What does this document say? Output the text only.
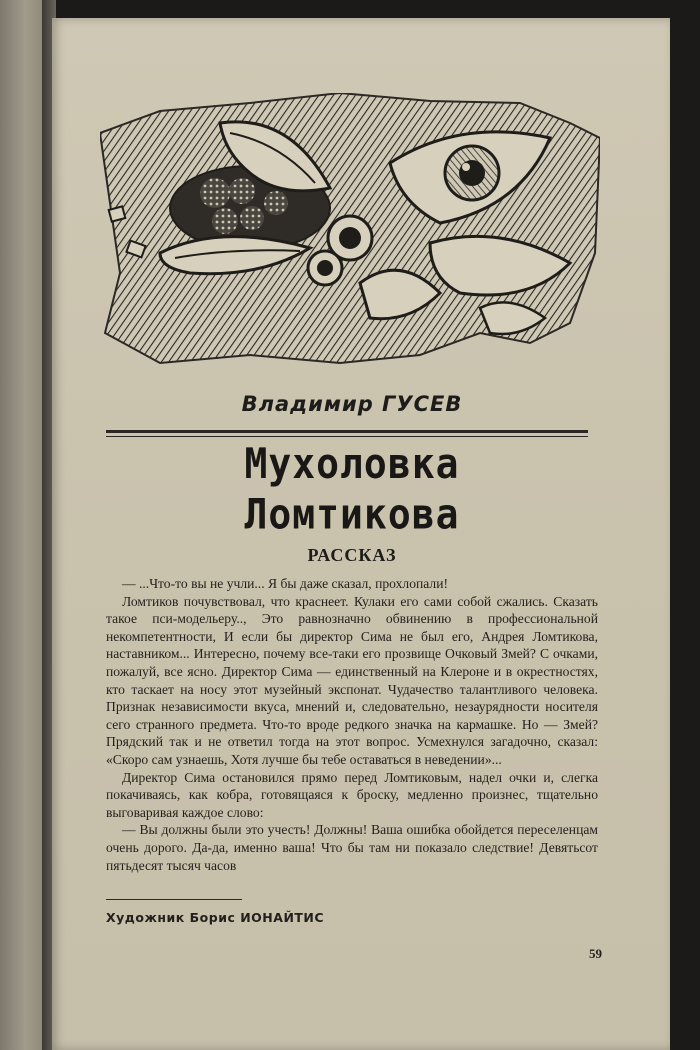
Владимир ГУСЕВ
Мухоловка
Ломтикова
РАССКАЗ

— ...Что-то вы не учли... Я бы даже сказал, прохлопали!

Ломтиков почувствовал, что краснеет. Кулаки его сами собой сжались. Сказать такое пси-модельеру.., Это равнозначно обвинению в профессиональной некомпетентности, И если бы директор Сима не был его, Андрея Ломтикова, наставником... Интересно, почему все-таки его прозвище Очковый Змей? С очками, пожалуй, все ясно. Директор Сима — единственный на Клероне и в окрестностях, кто таскает на носу этот музейный экспонат. Чудачество талантливого человека. Признак независимости вкуса, мнений и, следовательно, незаурядности носителя сего странного предмета. Что-то вроде редкого значка на кармашке. Но — Змей? Прядский так и не ответил тогда на этот вопрос. Усмехнулся загадочно, сказал: «Скоро сам узнаешь, Хотя лучше бы тебе оставаться в неведении»...

Директор Сима остановился прямо перед Ломтиковым, надел очки и, слегка покачиваясь, как кобра, готовящаяся к броску, медленно произнес, тщательно выговаривая каждое слово:

— Вы должны были это учесть! Должны! Ваша ошибка обойдется переселенцам очень дорого. Да-да, именно ваша! Что бы там ни показало следствие! Девятьсот пятьдесят тысяч часов

Художник Борис ИОНАЙТИС
59
